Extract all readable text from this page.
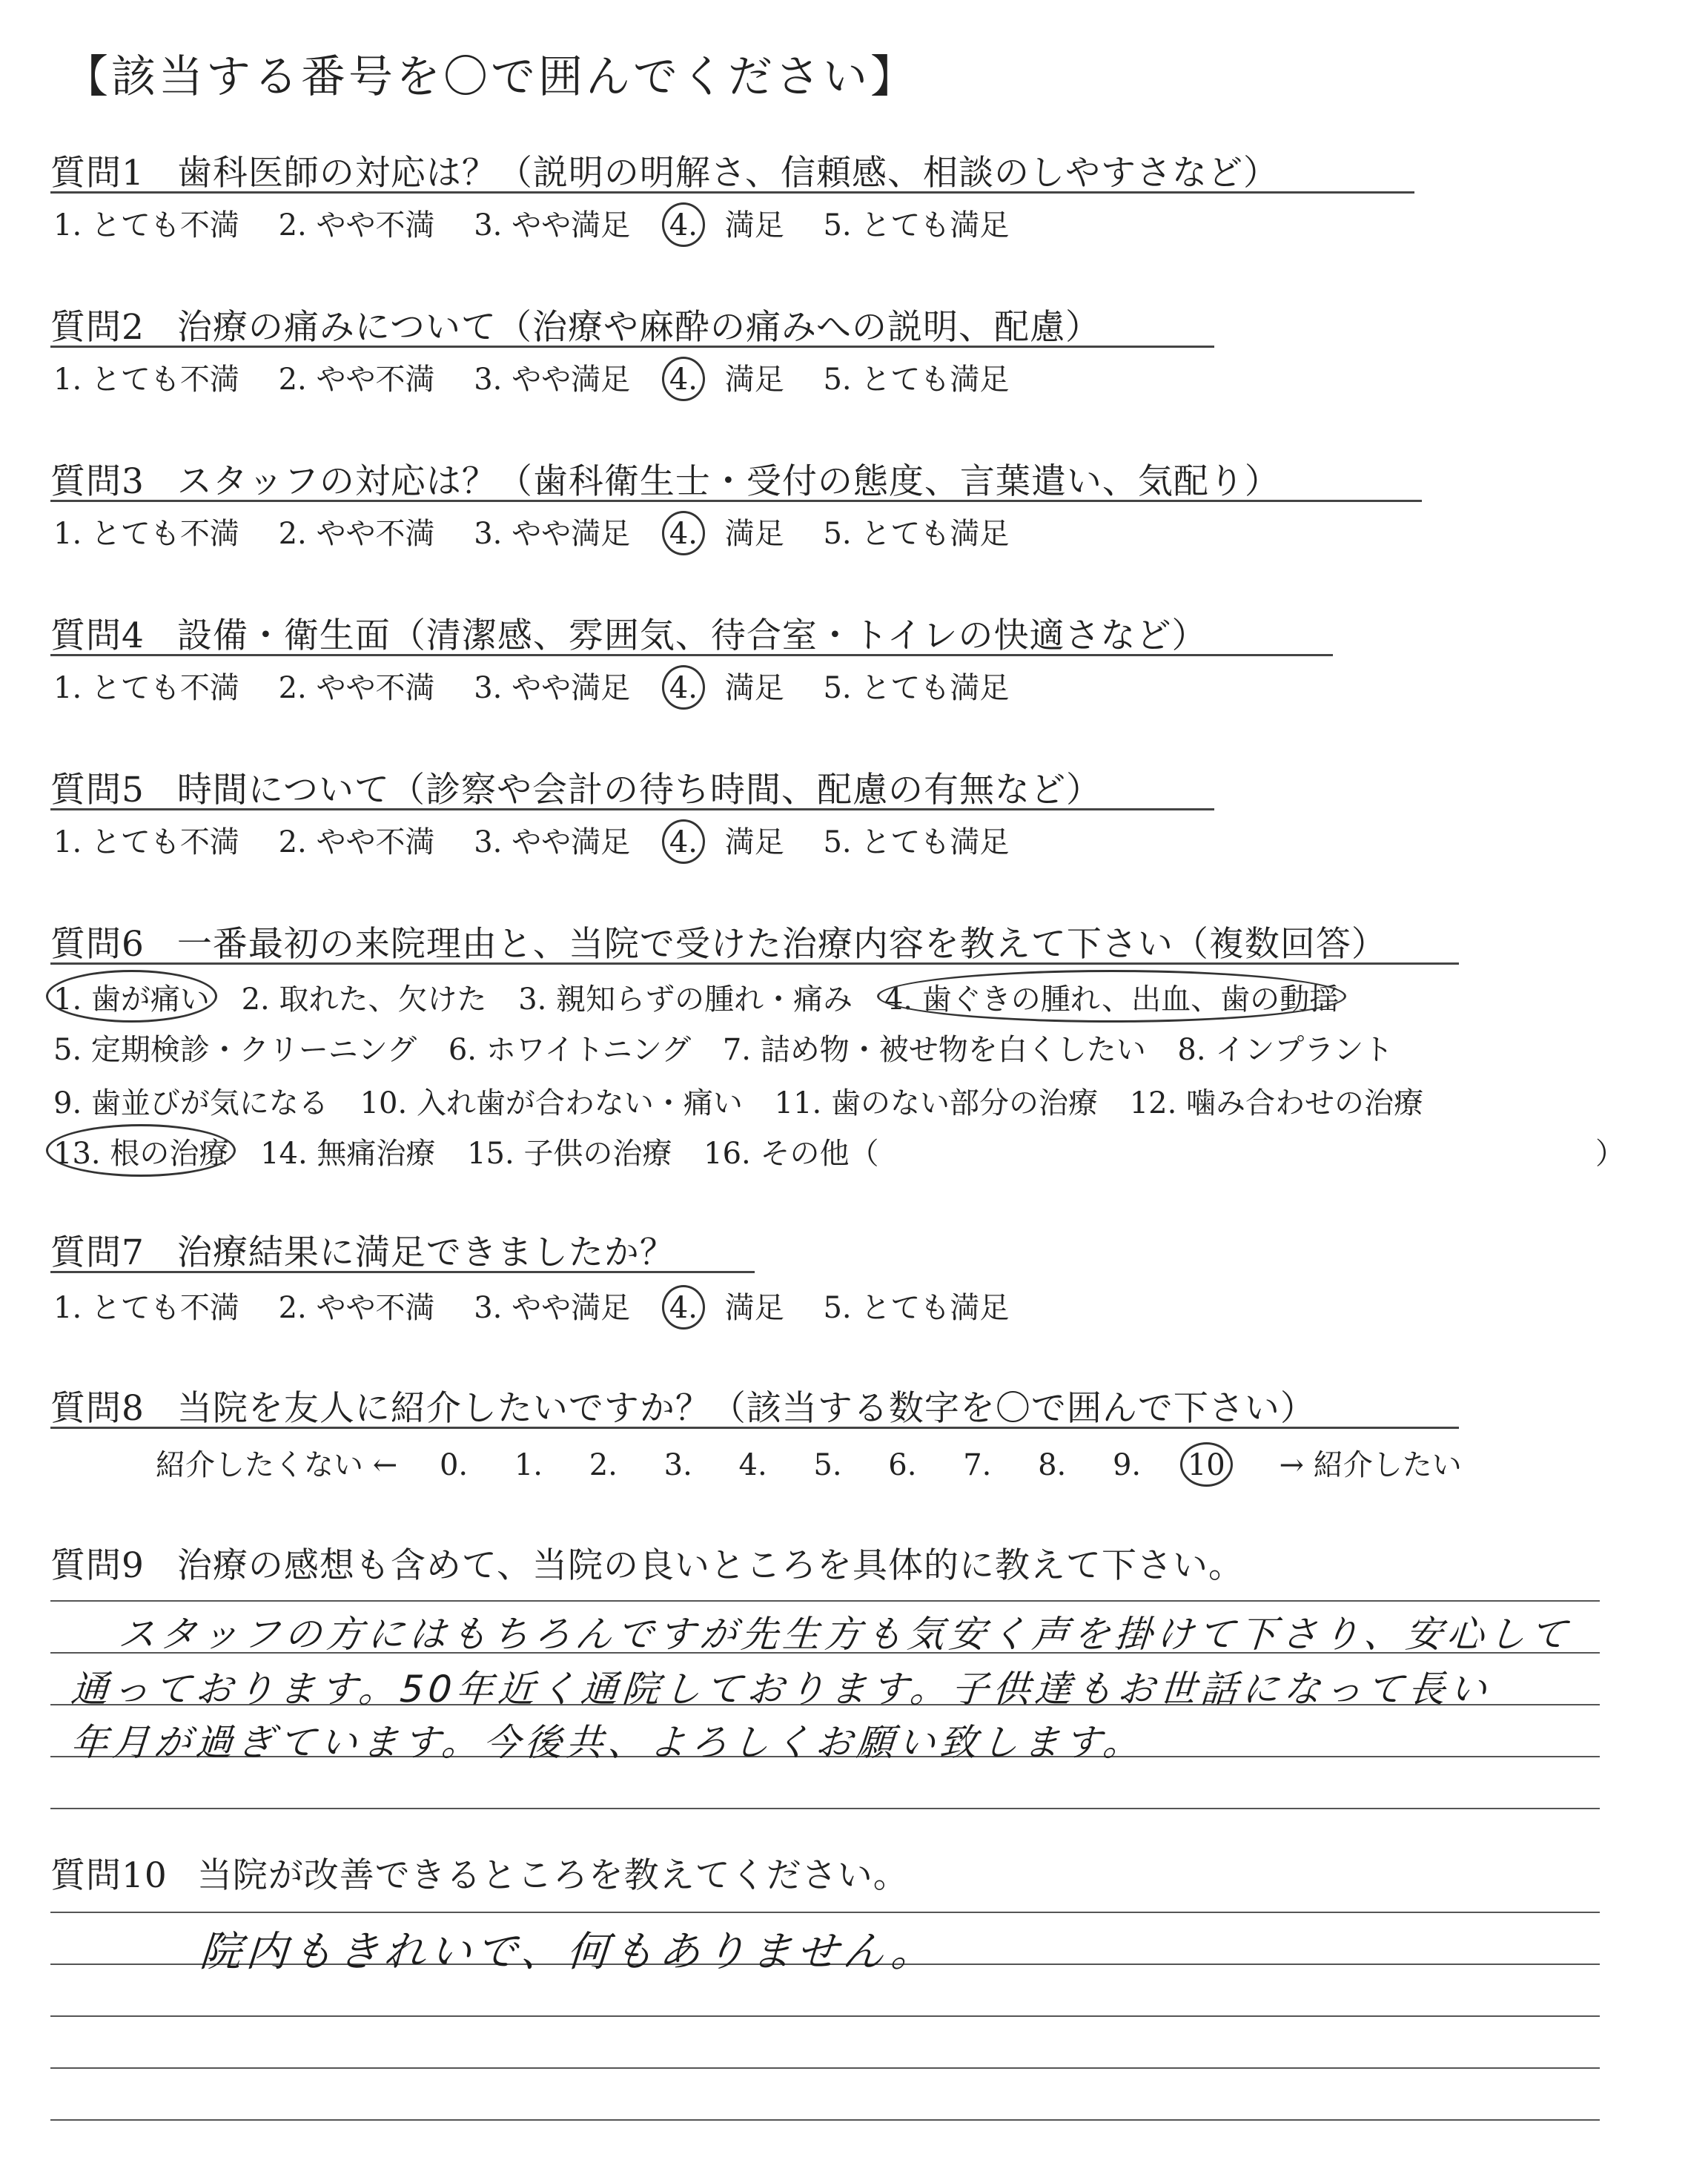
【該当する番号を〇で囲んでください】
質問1 歯科医師の対応は？（説明の明解さ、信頼感、相談のしやすさなど）
1. とても不満 2. やや不満 3. やや満足 4. 満足 5. とても満足
質問2 治療の痛みについて（治療や麻酔の痛みへの説明、配慮）
1. とても不満 2. やや不満 3. やや満足 4. 満足 5. とても満足
質問3 スタッフの対応は？（歯科衛生士・受付の態度、言葉遣い、気配り）
1. とても不満 2. やや不満 3. やや満足 4. 満足 5. とても満足
質問4 設備・衛生面（清潔感、雰囲気、待合室・トイレの快適さなど）
1. とても不満 2. やや不満 3. やや満足 4. 満足 5. とても満足
質問5 時間について（診察や会計の待ち時間、配慮の有無など）
1. とても不満 2. やや不満 3. やや満足 4. 満足 5. とても満足
質問6 一番最初の来院理由と、当院で受けた治療内容を教えて下さい（複数回答）
1. 歯が痛い 2. 取れた、欠けた 3. 親知らずの腫れ・痛み 4. 歯ぐきの腫れ、出血、歯の動揺
5. 定期検診・クリーニング 6. ホワイトニング 7. 詰め物・被せ物を白くしたい 8. インプラント
9. 歯並びが気になる 10. 入れ歯が合わない・痛い 11. 歯のない部分の治療 12. 噛み合わせの治療
13. 根の治療 14. 無痛治療 15. 子供の治療 16. その他（	）
質問7 治療結果に満足できましたか？
1. とても不満 2. やや不満 3. やや満足 4. 満足 5. とても満足
質問8 当院を友人に紹介したいですか？（該当する数字を〇で囲んで下さい）
紹介したくない ← 0. 1. 2. 3. 4. 5. 6. 7. 8. 9. 10 → 紹介したい
質問9 治療の感想も含めて、当院の良いところを具体的に教えて下さい。
スタッフの方にはもちろんですが先生方も気安く声を掛けて下さり、安心して
通っております。50年近く通院しております。子供達もお世話になって長い
年月が過ぎています。今後共、よろしくお願い致します。
質問10 当院が改善できるところを教えてください。
院内もきれいで、何もありません。
